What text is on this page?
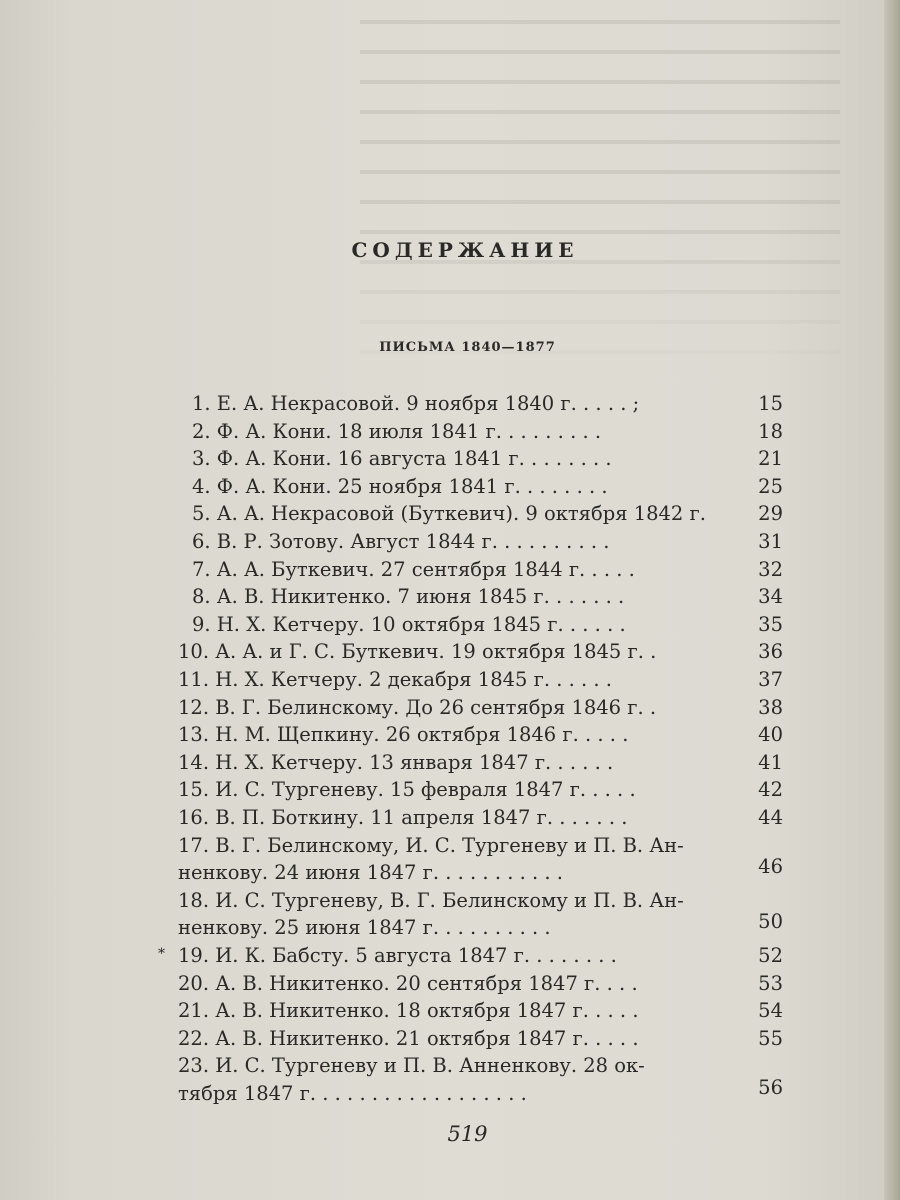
СОДЕРЖАНИЕ
ПИСЬМА 1840—1877
1. Е. А. Некрасовой. 9 ноября 1840 г. . . . . ;	15
2. Ф. А. Кони. 18 июля 1841 г. . . . . . . . .	18
3. Ф. А. Кони. 16 августа 1841 г. . . . . . . .	21
4. Ф. А. Кони. 25 ноября 1841 г. . . . . . . .	25
5. А. А. Некрасовой (Буткевич). 9 октября 1842 г.	29
6. В. Р. Зотову. Август 1844 г. . . . . . . . . .	31
7. А. А. Буткевич. 27 сентября 1844 г. . . . .	32
8. А. В. Никитенко. 7 июня 1845 г. . . . . . .	34
9. Н. Х. Кетчеру. 10 октября 1845 г. . . . . .	35
10. А. А. и Г. С. Буткевич. 19 октября 1845 г. .	36
11. Н. Х. Кетчеру. 2 декабря 1845 г. . . . . .	37
12. В. Г. Белинскому. До 26 сентября 1846 г. .	38
13. Н. М. Щепкину. 26 октября 1846 г. . . . .	40
14. Н. Х. Кетчеру. 13 января 1847 г. . . . . .	41
15. И. С. Тургеневу. 15 февраля 1847 г. . . . .	42
16. В. П. Боткину. 11 апреля 1847 г. . . . . . .	44
17. В. Г. Белинскому, И. С. Тургеневу и П. В. Ан-
ненкову. 24 июня 1847 г. . . . . . . . . . .	46
18. И. С. Тургеневу, В. Г. Белинскому и П. В. Ан-
ненкову. 25 июня 1847 г. . . . . . . . . .	50
19. И. К. Бабсту. 5 августа 1847 г. . . . . . . .	52
*
20. А. В. Никитенко. 20 сентября 1847 г. . . .	53
21. А. В. Никитенко. 18 октября 1847 г. . . . .	54
22. А. В. Никитенко. 21 октября 1847 г. . . . .	55
23. И. С. Тургеневу и П. В. Анненкову. 28 ок-
тября 1847 г. . . . . . . . . . . . . . . . . .	56
519
